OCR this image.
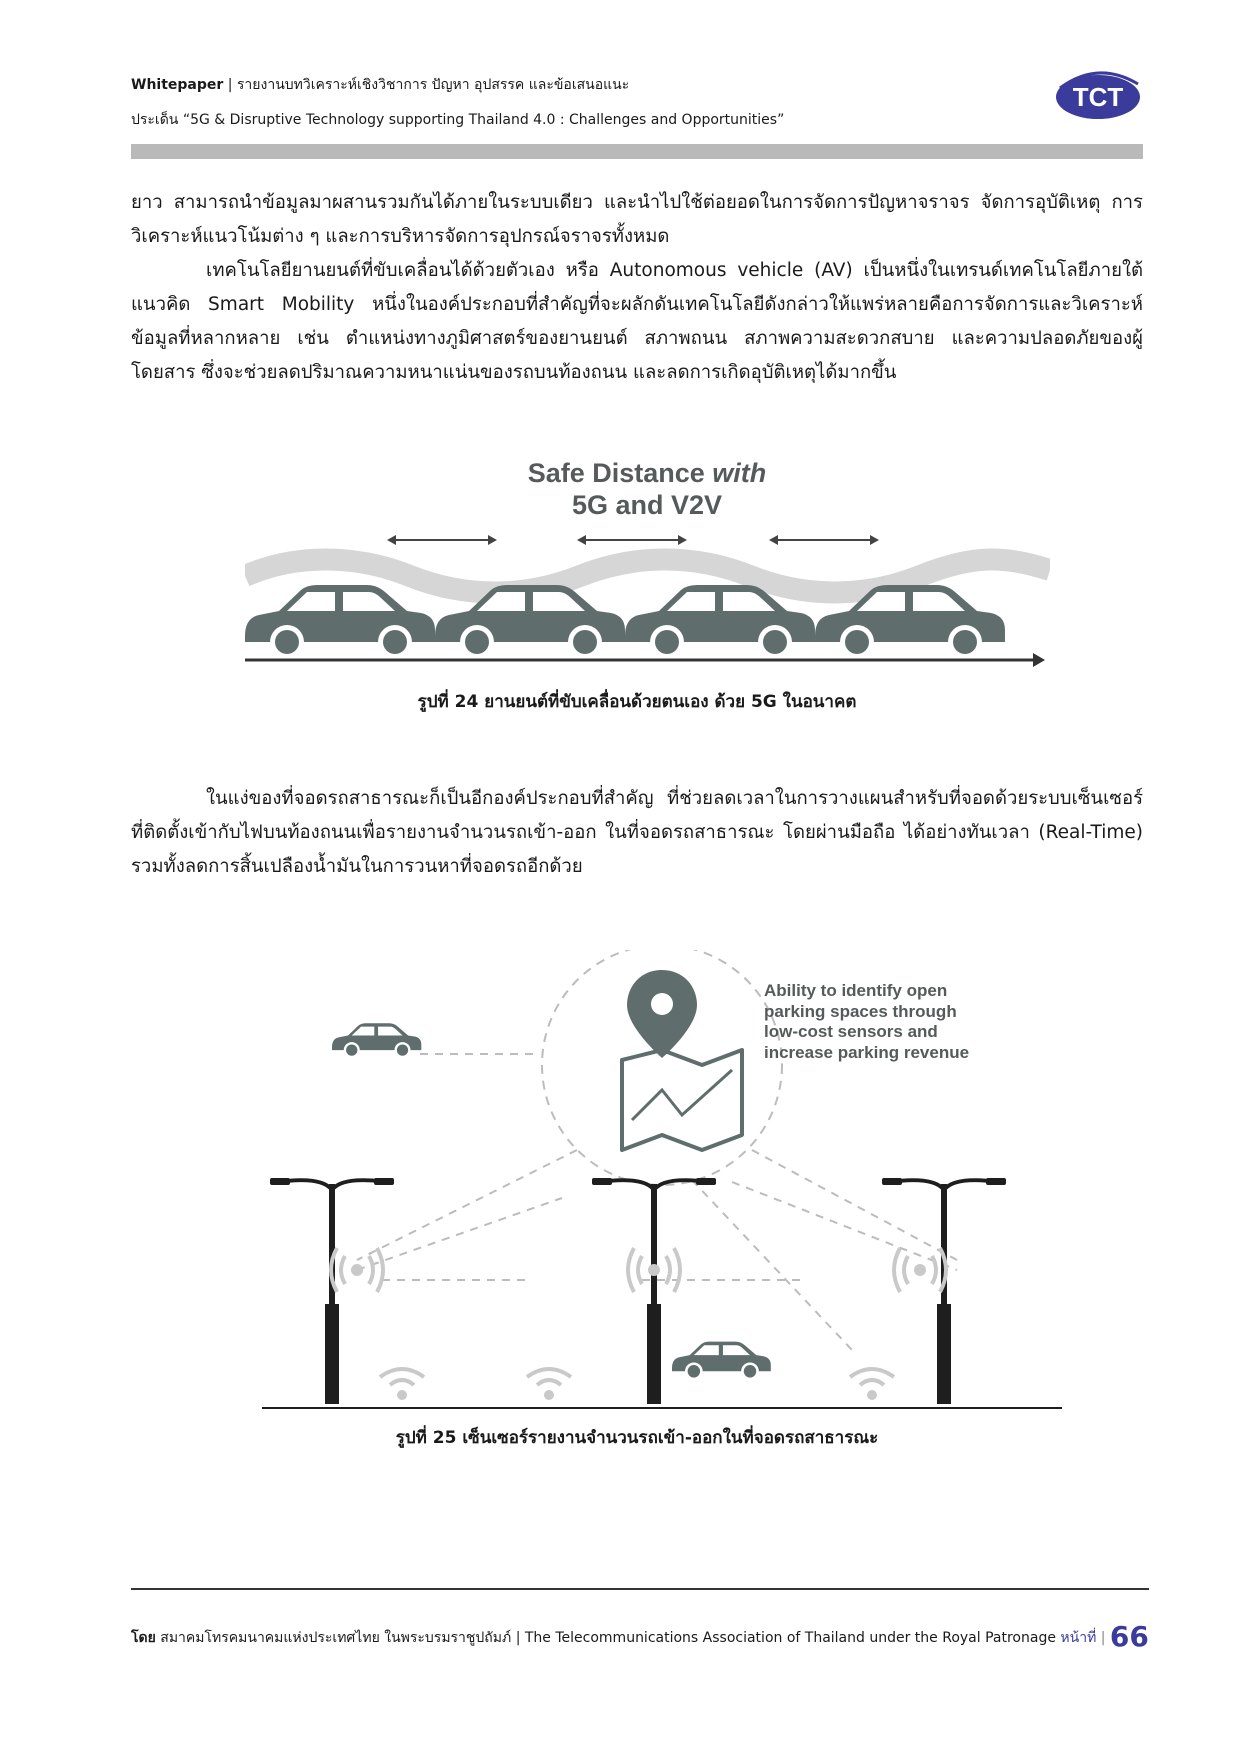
Whitepaper | รายงานบทวิเคราะห์เชิงวิชาการ ปัญหา อุปสรรค และข้อเสนอแนะ
ประเด็น “5G & Disruptive Technology supporting Thailand 4.0 : Challenges and Opportunities”
TCT

ยาว สามารถนำข้อมูลมาผสานรวมกันได้ภายในระบบเดียว และนำไปใช้ต่อยอดในการจัดการปัญหาจราจร จัดการอุบัติเหตุ การวิเคราะห์แนวโน้มต่าง ๆ และการบริหารจัดการอุปกรณ์จราจรทั้งหมด

เทคโนโลยียานยนต์ที่ขับเคลื่อนได้ด้วยตัวเอง หรือ Autonomous vehicle (AV) เป็นหนึ่งในเทรนด์เทคโนโลยีภายใต้แนวคิด Smart Mobility หนึ่งในองค์ประกอบที่สำคัญที่จะผลักดันเทคโนโลยีดังกล่าวให้แพร่หลายคือการจัดการและวิเคราะห์ข้อมูลที่หลากหลาย เช่น ตำแหน่งทางภูมิศาสตร์ของยานยนต์ สภาพถนน สภาพความสะดวกสบาย และความปลอดภัยของผู้โดยสาร ซึ่งจะช่วยลดปริมาณความหนาแน่นของรถบนท้องถนน และลดการเกิดอุบัติเหตุได้มากขึ้น

Safe Distance with
5G and V2V
รูปที่ 24 ยานยนต์ที่ขับเคลื่อนด้วยตนเอง ด้วย 5G ในอนาคต

ในแง่ของที่จอดรถสาธารณะก็เป็นอีกองค์ประกอบที่สำคัญ ที่ช่วยลดเวลาในการวางแผนสำหรับที่จอดด้วยระบบเซ็นเซอร์ที่ติดตั้งเข้ากับไฟบนท้องถนนเพื่อรายงานจำนวนรถเข้า-ออก ในที่จอดรถสาธารณะ โดยผ่านมือถือ ได้อย่างทันเวลา (Real-Time) รวมทั้งลดการสิ้นเปลืองน้ำมันในการวนหาที่จอดรถอีกด้วย

Ability to identify open parking spaces through low-cost sensors and increase parking revenue
รูปที่ 25 เซ็นเซอร์รายงานจำนวนรถเข้า-ออกในที่จอดรถสาธารณะ
โดย สมาคมโทรคมนาคมแห่งประเทศไทย ในพระบรมราชูปถัมภ์ | The Telecommunications Association of Thailand under the Royal Patronage หน้าที่ | 66
